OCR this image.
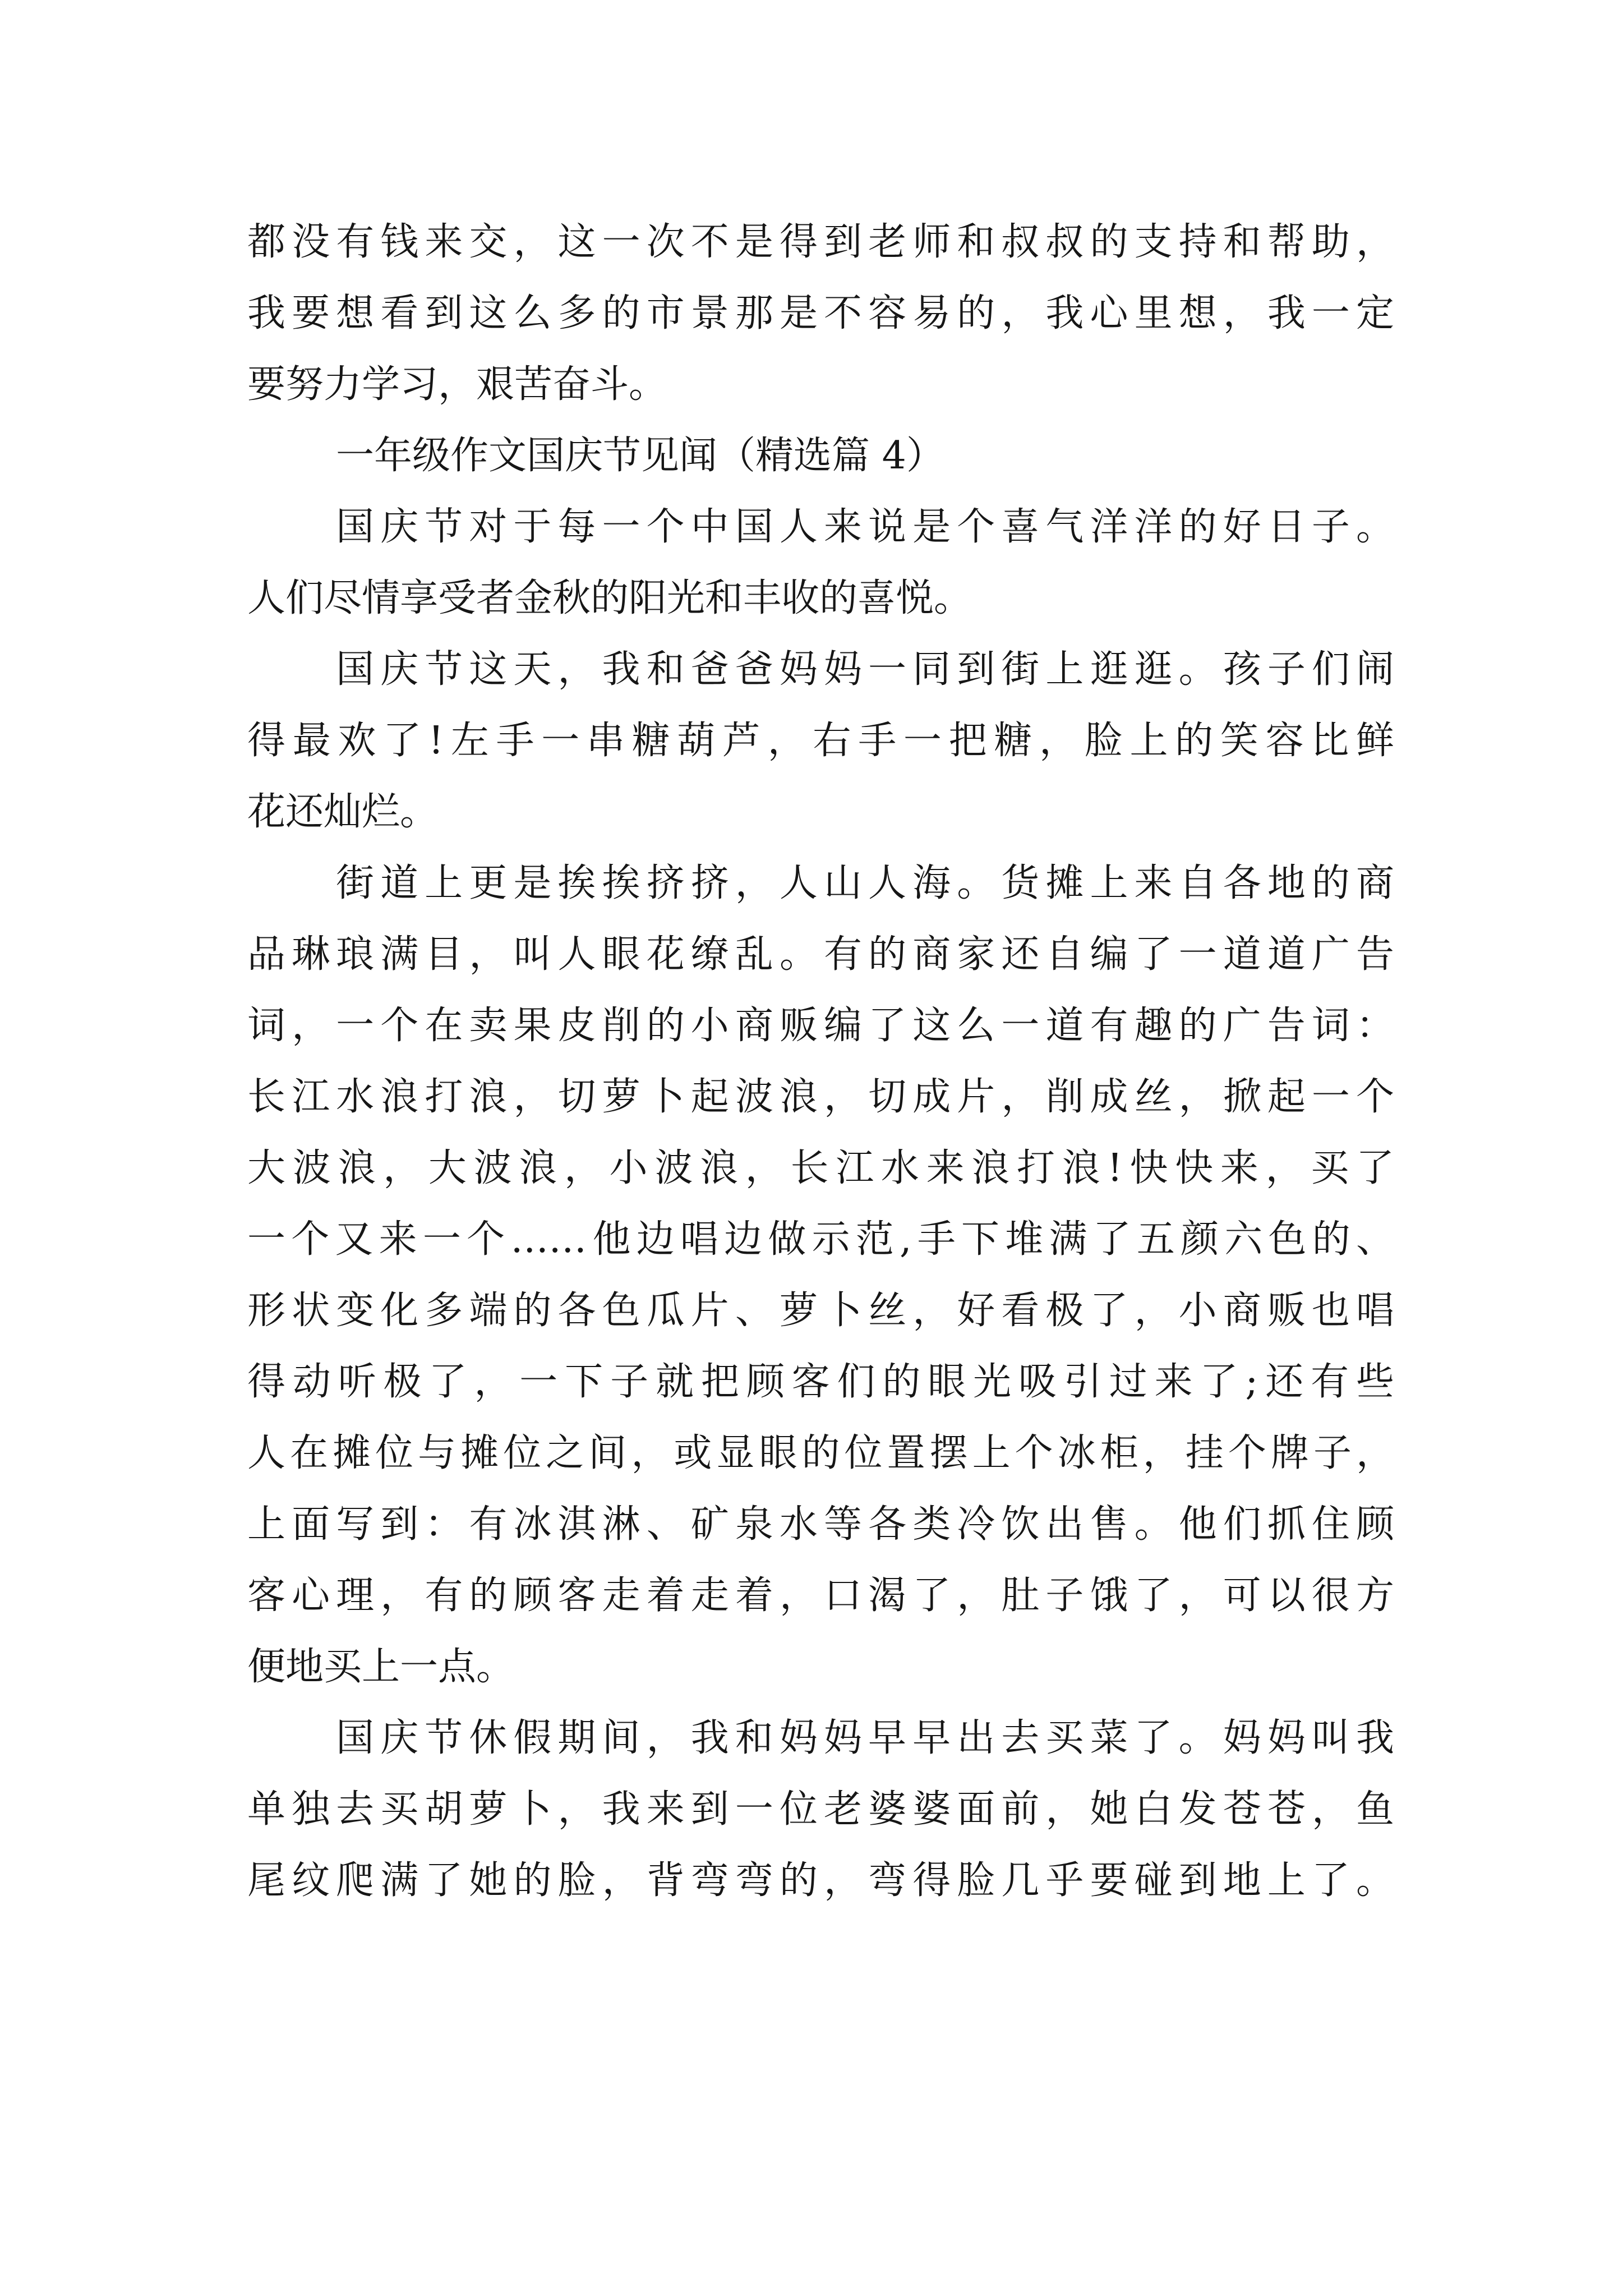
都没有钱来交，这一次不是得到老师和叔叔的支持和帮助，
我要想看到这么多的市景那是不容易的，我心里想，我一定
要努力学习，艰苦奋斗。
一年级作文国庆节见闻（精选篇 4）
国庆节对于每一个中国人来说是个喜气洋洋的好日子。
人们尽情享受者金秋的阳光和丰收的喜悦。
国庆节这天，我和爸爸妈妈一同到街上逛逛。孩子们闹
得最欢了!左手一串糖葫芦，右手一把糖，脸上的笑容比鲜
花还灿烂。
街道上更是挨挨挤挤，人山人海。货摊上来自各地的商
品琳琅满目，叫人眼花缭乱。有的商家还自编了一道道广告
词，一个在卖果皮削的小商贩编了这么一道有趣的广告词：
长江水浪打浪，切萝卜起波浪，切成片，削成丝，掀起一个
大波浪，大波浪，小波浪，长江水来浪打浪!快快来，买了
一个又来一个……他边唱边做示范,手下堆满了五颜六色的、
形状变化多端的各色瓜片、萝卜丝，好看极了，小商贩也唱
得动听极了，一下子就把顾客们的眼光吸引过来了;还有些
人在摊位与摊位之间，或显眼的位置摆上个冰柜，挂个牌子，
上面写到：有冰淇淋、矿泉水等各类冷饮出售。他们抓住顾
客心理，有的顾客走着走着，口渴了，肚子饿了，可以很方
便地买上一点。
国庆节休假期间，我和妈妈早早出去买菜了。妈妈叫我
单独去买胡萝卜，我来到一位老婆婆面前，她白发苍苍，鱼
尾纹爬满了她的脸，背弯弯的，弯得脸几乎要碰到地上了。
